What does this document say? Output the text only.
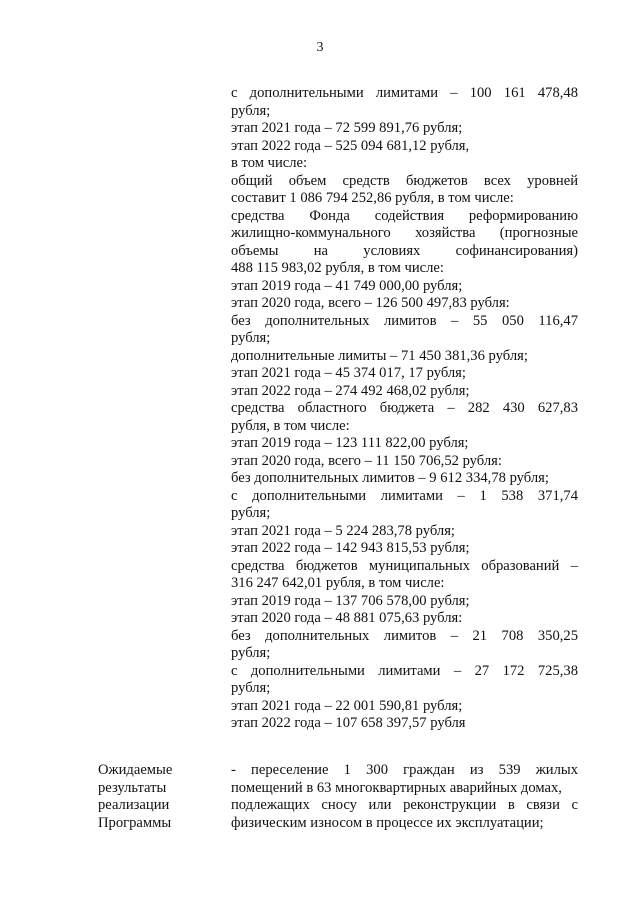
3
с дополнительными лимитами – 100 161 478,48
рубля;
этап 2021 года – 72 599 891,76 рубля;
этап 2022 года – 525 094 681,12 рубля,
в том числе:
общий объем средств бюджетов всех уровней
составит 1 086 794 252,86 рубля, в том числе:
средства Фонда содействия реформированию
жилищно-коммунального хозяйства (прогнозные
объемы на условиях софинансирования)
488 115 983,02 рубля, в том числе:
этап 2019 года – 41 749 000,00 рубля;
этап 2020 года, всего – 126 500 497,83 рубля:
без дополнительных лимитов – 55 050 116,47
рубля;
дополнительные лимиты – 71 450 381,36 рубля;
этап 2021 года – 45 374 017, 17 рубля;
этап 2022 года – 274 492 468,02 рубля;
средства областного бюджета – 282 430 627,83
рубля, в том числе:
этап 2019 года – 123 111 822,00 рубля;
этап 2020 года, всего – 11 150 706,52 рубля:
без дополнительных лимитов – 9 612 334,78 рубля;
с дополнительными лимитами – 1 538 371,74
рубля;
этап 2021 года – 5 224 283,78 рубля;
этап 2022 года – 142 943 815,53 рубля;
средства бюджетов муниципальных образований –
316 247 642,01 рубля, в том числе:
этап 2019 года – 137 706 578,00 рубля;
этап 2020 года – 48 881 075,63 рубля:
без дополнительных лимитов – 21 708 350,25
рубля;
с дополнительными лимитами – 27 172 725,38
рубля;
этап 2021 года – 22 001 590,81 рубля;
этап 2022 года – 107 658 397,57 рубля
Ожидаемые
результаты
реализации
Программы
- переселение 1 300 граждан из 539 жилых
помещений в 63 многоквартирных аварийных домах,
подлежащих сносу или реконструкции в связи с
физическим износом в процессе их эксплуатации;
